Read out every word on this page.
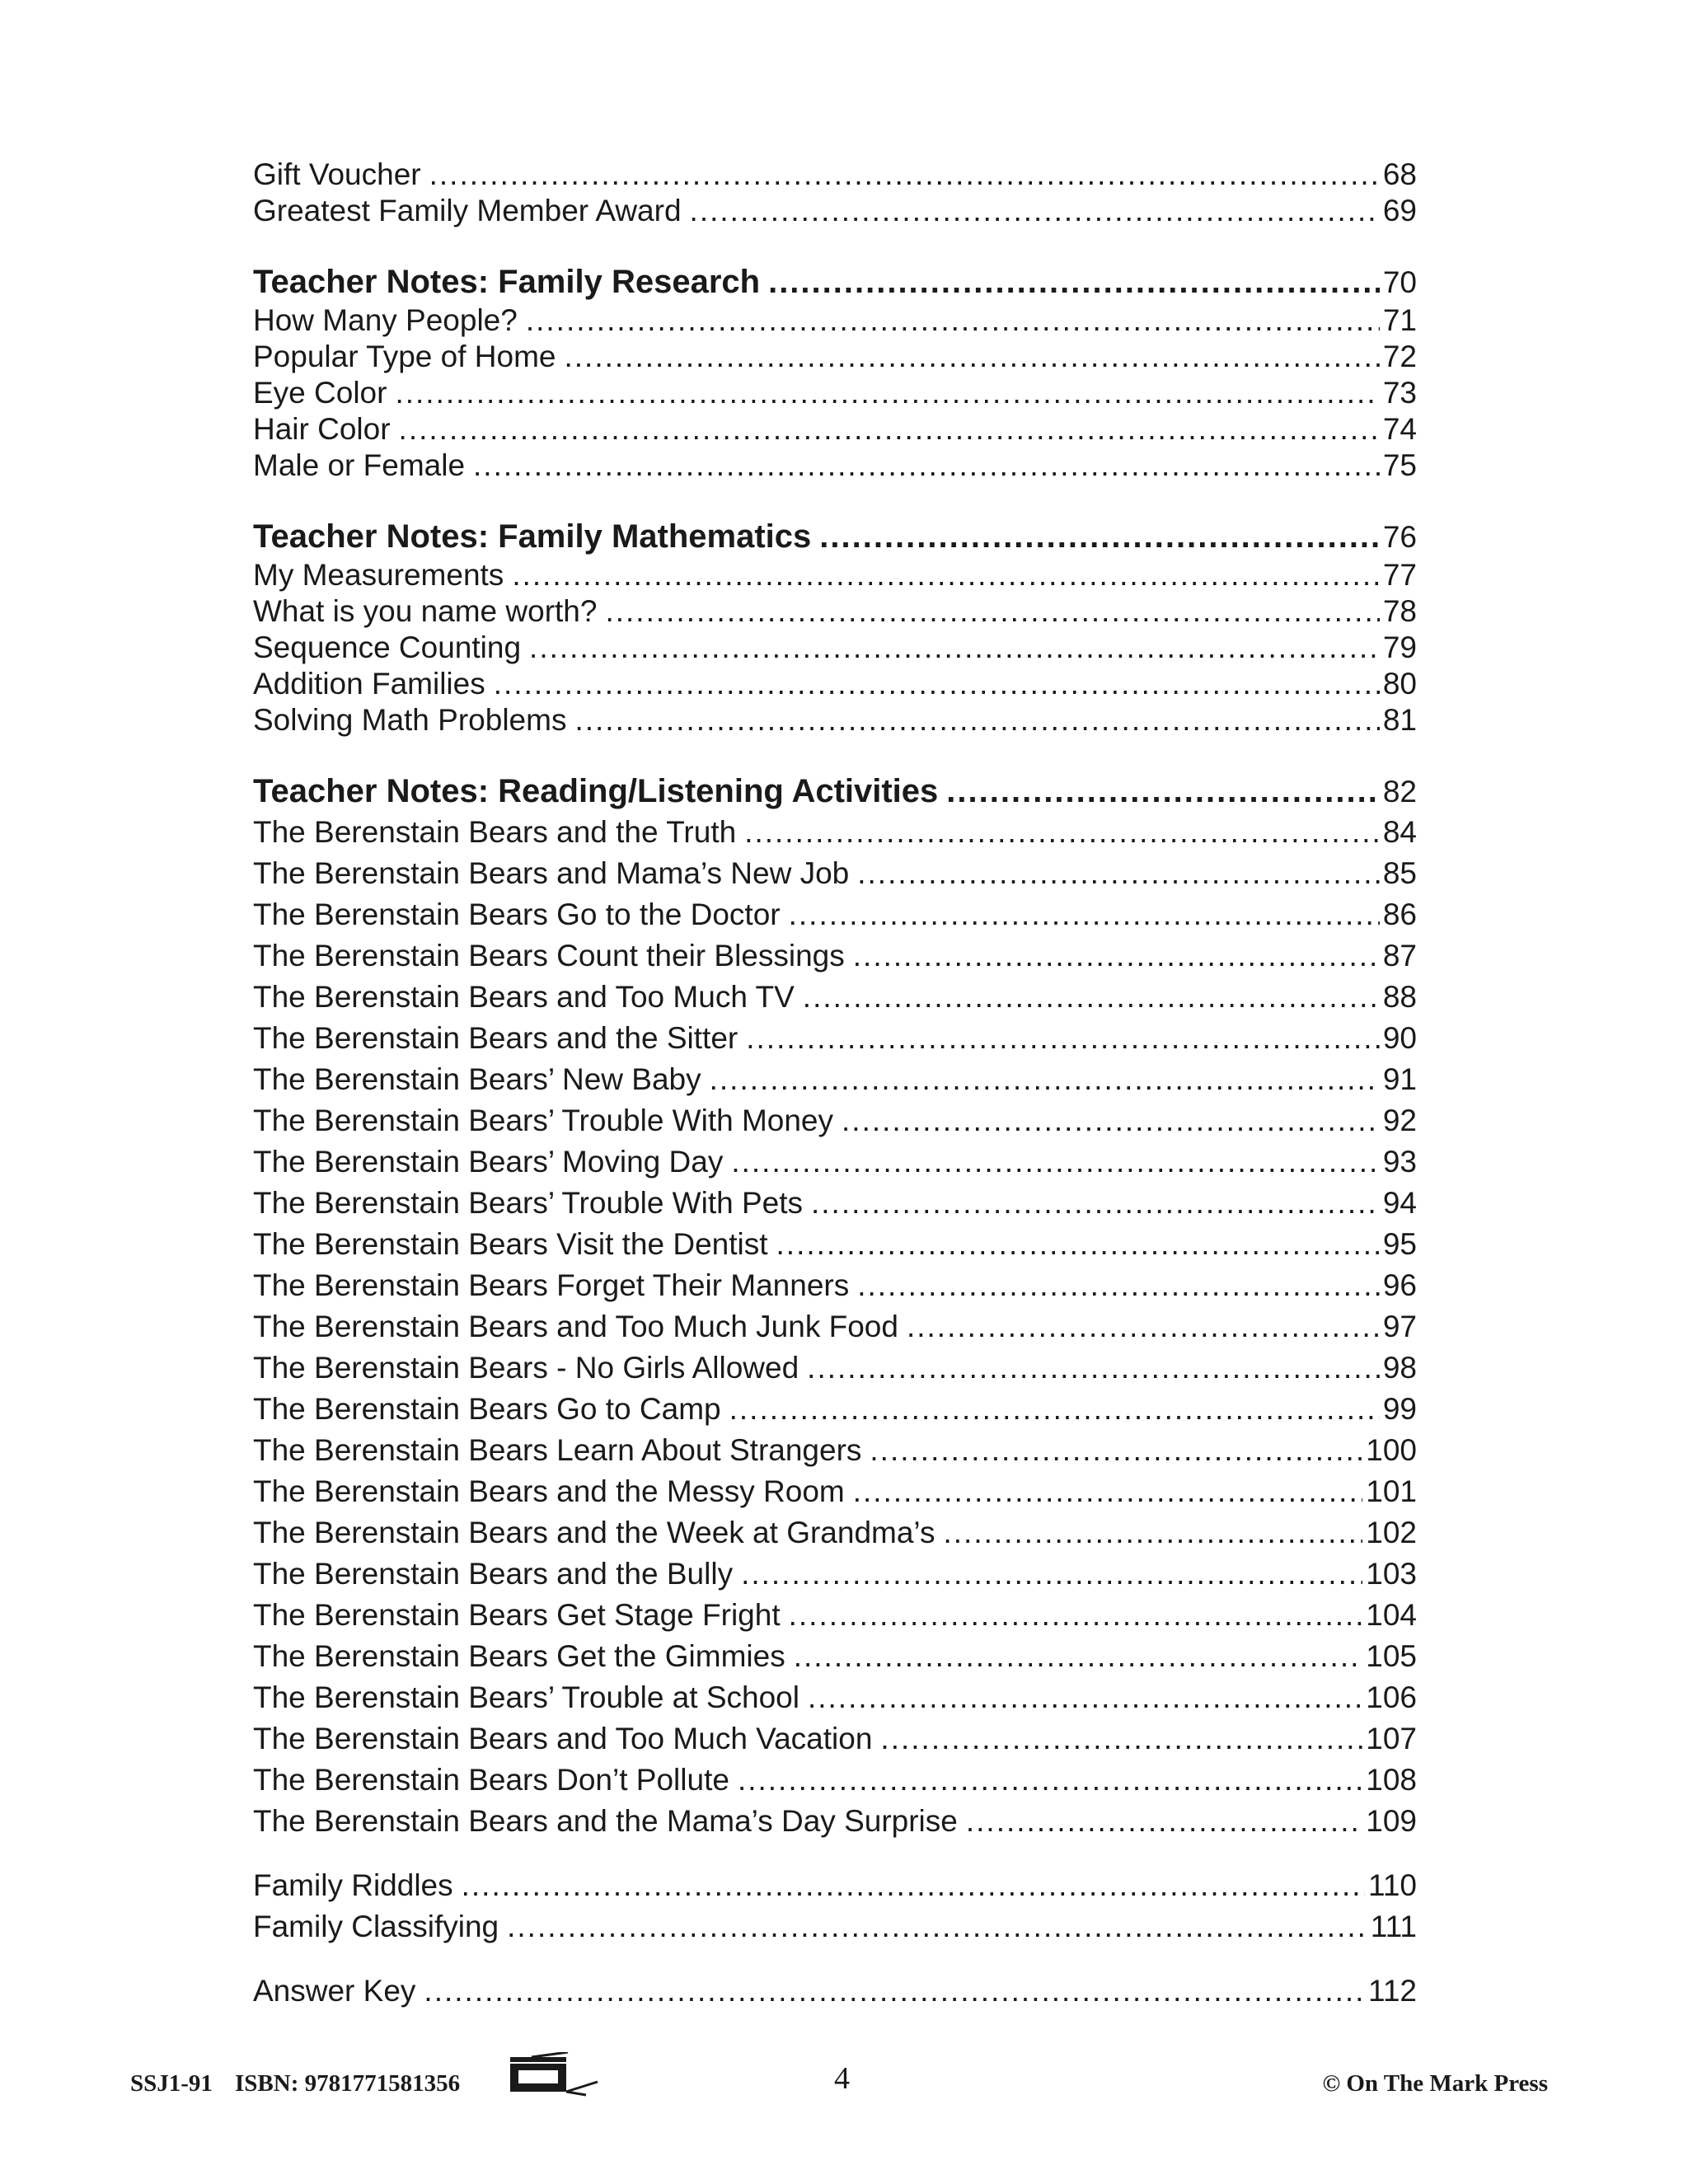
Gift Voucher .....	68
Greatest Family Member Award .....	69
Teacher Notes: Family Research .....	70
How Many People? .....	71
Popular Type of Home .....	72
Eye Color .....	73
Hair Color .....	74
Male or Female .....	75
Teacher Notes: Family Mathematics .....	76
My Measurements .....	77
What is you name worth? .....	78
Sequence Counting .....	79
Addition Families .....	80
Solving Math Problems .....	81
Teacher Notes: Reading/Listening Activities .....	82
The Berenstain Bears and the Truth .....	84
The Berenstain Bears and Mama’s New Job .....	85
The Berenstain Bears Go to the Doctor .....	86
The Berenstain Bears Count their Blessings .....	87
The Berenstain Bears and Too Much TV .....	88
The Berenstain Bears and the Sitter .....	90
The Berenstain Bears’ New Baby .....	91
The Berenstain Bears’ Trouble With Money .....	92
The Berenstain Bears’ Moving Day .....	93
The Berenstain Bears’ Trouble With Pets .....	94
The Berenstain Bears Visit the Dentist .....	95
The Berenstain Bears Forget Their Manners .....	96
The Berenstain Bears and Too Much Junk Food .....	97
The Berenstain Bears - No Girls Allowed .....	98
The Berenstain Bears Go to Camp .....	99
The Berenstain Bears Learn About Strangers .....	100
The Berenstain Bears and the Messy Room .....	101
The Berenstain Bears and the Week at Grandma’s .....	102
The Berenstain Bears and the Bully .....	103
The Berenstain Bears Get Stage Fright .....	104
The Berenstain Bears Get the Gimmies .....	105
The Berenstain Bears’ Trouble at School .....	106
The Berenstain Bears and Too Much Vacation .....	107
The Berenstain Bears Don’t Pollute .....	108
The Berenstain Bears and the Mama’s Day Surprise .....	109
Family Riddles .....	110
Family Classifying .....	111
Answer Key .....	112
SSJ1-91 ISBN: 9781771581356	4	© On The Mark Press
